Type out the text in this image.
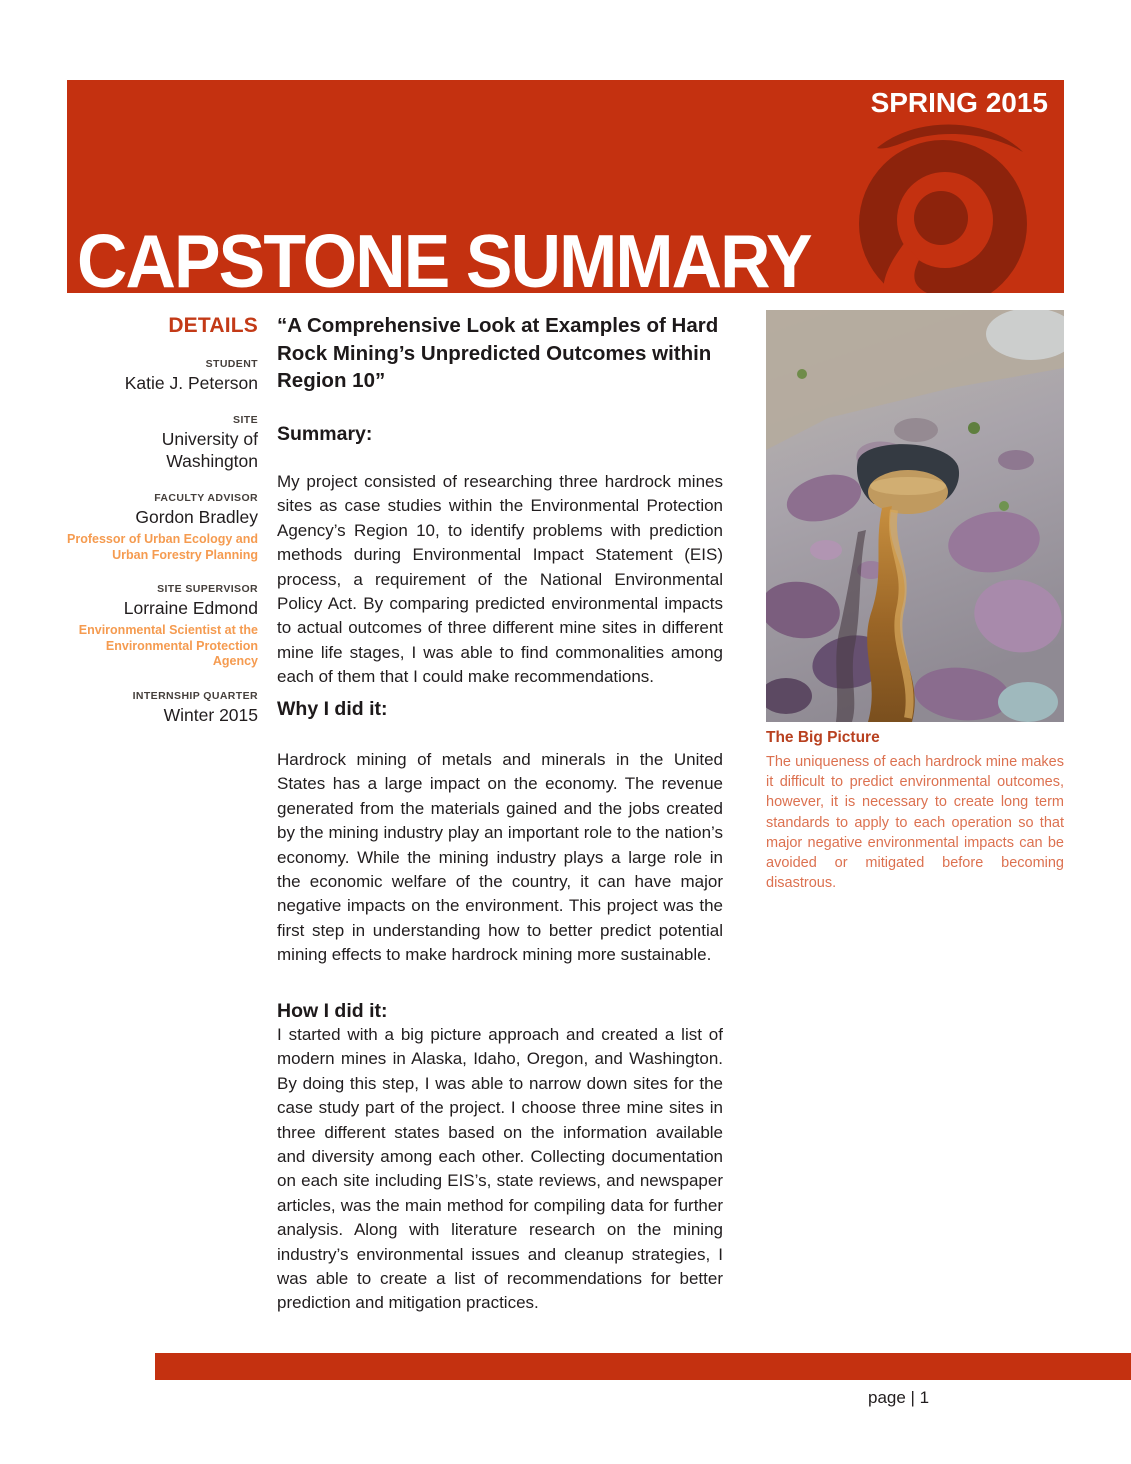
SPRING 2015
CAPSTONE SUMMARY
DETAILS
STUDENT
Katie J. Peterson
SITE
University of Washington
FACULTY ADVISOR
Gordon Bradley
Professor of Urban Ecology and Urban Forestry Planning
SITE SUPERVISOR
Lorraine Edmond
Environmental Scientist at the Environmental Protection Agency
INTERNSHIP QUARTER
Winter 2015
“A Comprehensive Look at Examples of Hard Rock Mining’s Unpredicted Outcomes within Region 10”
Summary:
My project consisted of researching three hardrock mines sites as case studies within the Environmental Protection Agency’s Region 10, to identify problems with prediction methods during Environmental Impact Statement (EIS) process, a requirement of the National Environmental Policy Act. By comparing predicted environmental impacts to actual outcomes of three different mine sites in different mine life stages, I was able to find commonalities among each of them that I could make recommendations.
Why I did it:
Hardrock mining of metals and minerals in the United States has a large impact on the economy. The revenue generated from the materials gained and the jobs created by the mining industry play an important role to the nation’s economy. While the mining industry plays a large role in the economic welfare of the country, it can have major negative impacts on the environment. This project was the first step in understanding how to better predict potential mining effects to make hardrock mining more sustainable.
How I did it:
I started with a big picture approach and created a list of modern mines in Alaska, Idaho, Oregon, and Washington. By doing this step, I was able to narrow down sites for the case study part of the project. I choose three mine sites in three different states based on the information available and diversity among each other. Collecting documentation on each site including EIS’s, state reviews, and newspaper articles, was the main method for compiling data for further analysis. Along with literature research on the mining industry’s environmental issues and cleanup strategies, I was able to create a list of recommendations for better prediction and mitigation practices.
The Big Picture
The uniqueness of each hardrock mine makes it difficult to predict environmental outcomes, however, it is necessary to create long term standards to apply to each operation so that major negative environmental impacts can be avoided or mitigated before becoming disastrous.
page | 1
